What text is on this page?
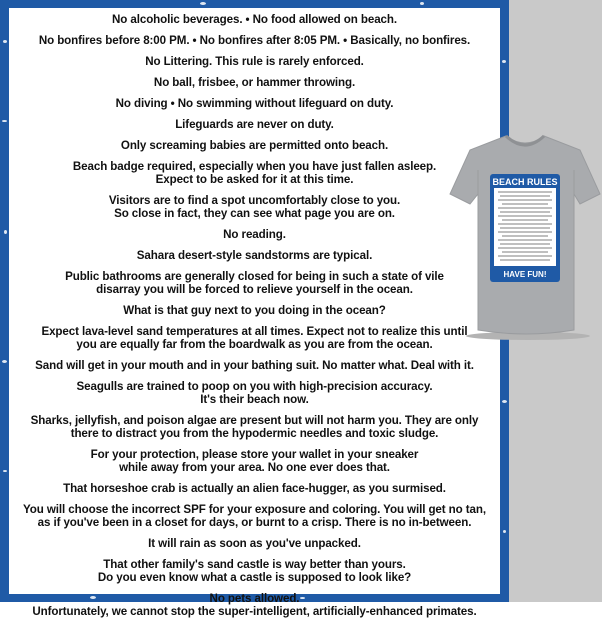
No alcoholic beverages. • No food allowed on beach.
No bonfires before 8:00 PM. • No bonfires after 8:05 PM. • Basically, no bonfires.
No Littering. This rule is rarely enforced.
No ball, frisbee, or hammer throwing.
No diving • No swimming without lifeguard on duty.
Lifeguards are never on duty.
Only screaming babies are permitted onto beach.
Beach badge required, especially when you have just fallen asleep.
Expect to be asked for it at this time.
Visitors are to find a spot uncomfortably close to you.
So close in fact, they can see what page you are on.
No reading.
Sahara desert-style sandstorms are typical.
Public bathrooms are generally closed for being in such a state of vile
disarray you will be forced to relieve yourself in the ocean.
What is that guy next to you doing in the ocean?
Expect lava-level sand temperatures at all times. Expect not to realize this until
you are equally far from the boardwalk as you are from the ocean.
Sand will get in your mouth and in your bathing suit. No matter what. Deal with it.
Seagulls are trained to poop on you with high-precision accuracy.
It's their beach now.
Sharks, jellyfish, and poison algae are present but will not harm you. They are only
there to distract you from the hypodermic needles and toxic sludge.
For your protection, please store your wallet in your sneaker
while away from your area. No one ever does that.
That horseshoe crab is actually an alien face-hugger, as you surmised.
You will choose the incorrect SPF for your exposure and coloring. You will get no tan,
as if you've been in a closet for days, or burnt to a crisp. There is no in-between.
It will rain as soon as you've unpacked.
That other family's sand castle is way better than yours.
Do you even know what a castle is supposed to look like?
No pets allowed.
Unfortunately, we cannot stop the super-intelligent, artificially-enhanced primates.
BEACH RULES
HAVE FUN!
